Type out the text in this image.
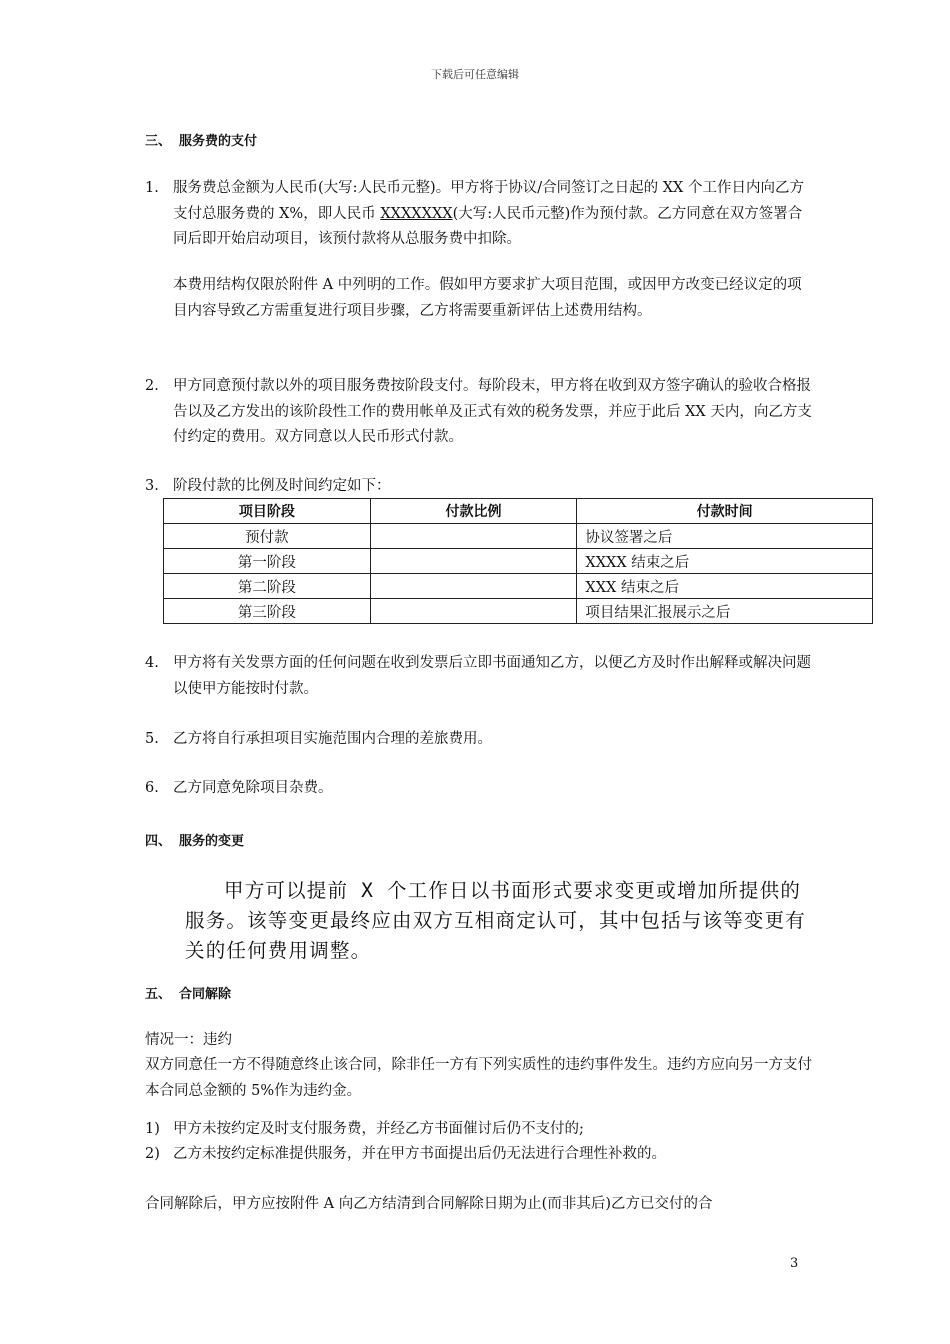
下载后可任意编辑
三、 服务费的支付
1. 服务费总金额为人民币(大写:人民币元整)。甲方将于协议/合同签订之日起的 XX 个工作日内向乙方支付总服务费的 X%，即人民币 XXXXXXX(大写:人民币元整)作为预付款。乙方同意在双方签署合同后即开始启动项目，该预付款将从总服务费中扣除。
本费用结构仅限於附件 A 中列明的工作。假如甲方要求扩大项目范围，或因甲方改变已经议定的项目内容导致乙方需重复进行项目步骤，乙方将需要重新评估上述费用结构。
2. 甲方同意预付款以外的项目服务费按阶段支付。每阶段末，甲方将在收到双方签字确认的验收合格报告以及乙方发出的该阶段性工作的费用帐单及正式有效的税务发票，并应于此后 XX 天内，向乙方支付约定的费用。双方同意以人民币形式付款。
3. 阶段付款的比例及时间约定如下：
项目阶段	付款比例	付款时间
预付款		协议签署之后
第一阶段		XXXX 结束之后
第二阶段		XXX 结束之后
第三阶段		项目结果汇报展示之后
4. 甲方将有关发票方面的任何问题在收到发票后立即书面通知乙方，以便乙方及时作出解释或解决问题以使甲方能按时付款。
5. 乙方将自行承担项目实施范围内合理的差旅费用。
6. 乙方同意免除项目杂费。
四、 服务的变更
甲方可以提前 X 个工作日以书面形式要求变更或增加所提供的服务。该等变更最终应由双方互相商定认可，其中包括与该等变更有关的任何费用调整。
五、 合同解除
情况一：违约
双方同意任一方不得随意终止该合同，除非任一方有下列实质性的违约事件发生。违约方应向另一方支付本合同总金额的 5%作为违约金。
1) 甲方未按约定及时支付服务费，并经乙方书面催讨后仍不支付的;
2) 乙方未按约定标准提供服务，并在甲方书面提出后仍无法进行合理性补救的。
合同解除后，甲方应按附件 A 向乙方结清到合同解除日期为止(而非其后)乙方已交付的合
3
